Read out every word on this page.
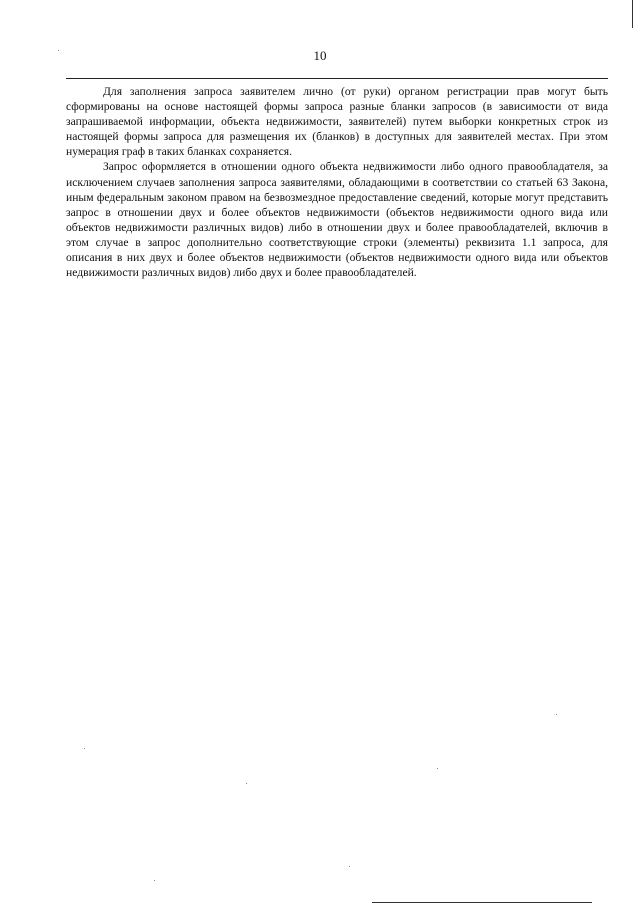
10

Для заполнения запроса заявителем лично (от руки) органом регистрации прав могут быть сформированы на основе настоящей формы запроса разные бланки запросов (в зависимости от вида запрашиваемой информации, объекта недвижимости, заявителей) путем выборки конкретных строк из настоящей формы запроса для размещения их (бланков) в доступных для заявителей местах. При этом нумерация граф в таких бланках сохраняется.

Запрос оформляется в отношении одного объекта недвижимости либо одного правообладателя, за исключением случаев заполнения запроса заявителями, обладающими в соответствии со статьей 63 Закона, иным федеральным законом правом на безвозмездное предоставление сведений, которые могут представить запрос в отношении двух и более объектов недвижимости (объектов недвижимости одного вида или объектов недвижимости различных видов) либо в отношении двух и более правообладателей, включив в этом случае в запрос дополнительно соответствующие строки (элементы) реквизита 1.1 запроса, для описания в них двух и более объектов недвижимости (объектов недвижимости одного вида или объектов недвижимости различных видов) либо двух и более правообладателей.
